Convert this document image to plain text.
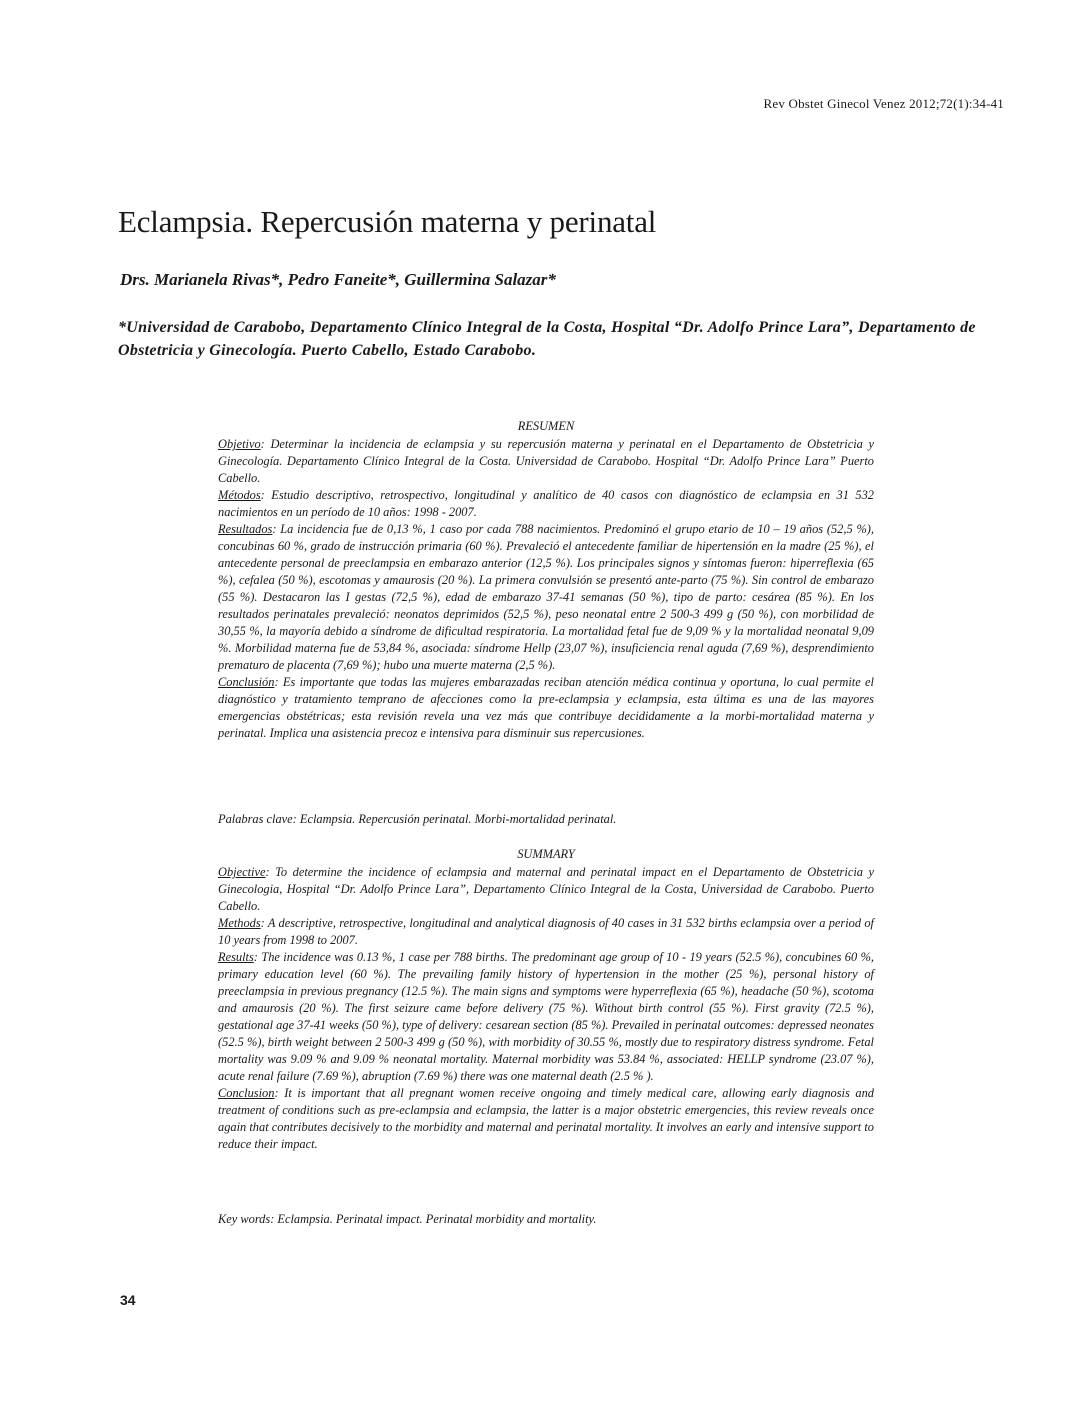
Rev Obstet Ginecol Venez 2012;72(1):34-41
Eclampsia. Repercusión materna y perinatal
Drs. Marianela Rivas*, Pedro Faneite*, Guillermina Salazar*
*Universidad de Carabobo, Departamento Clínico Integral de la Costa, Hospital “Dr. Adolfo Prince Lara”, Departamento de Obstetricia y Ginecología. Puerto Cabello, Estado Carabobo.
RESUMEN

Objetivo: Determinar la incidencia de eclampsia y su repercusión materna y perinatal en el Departamento de Obstetricia y Ginecología. Departamento Clínico Integral de la Costa. Universidad de Carabobo. Hospital “Dr. Adolfo Prince Lara” Puerto Cabello.

Métodos: Estudio descriptivo, retrospectivo, longitudinal y analítico de 40 casos con diagnóstico de eclampsia en 31 532 nacimientos en un período de 10 años: 1998 - 2007.

Resultados: La incidencia fue de 0,13 %, 1 caso por cada 788 nacimientos. Predominó el grupo etario de 10 – 19 años (52,5 %), concubinas 60 %, grado de instrucción primaria (60 %). Prevaleció el antecedente familiar de hipertensión en la madre (25 %), el antecedente personal de preeclampsia en embarazo anterior (12,5 %). Los principales signos y síntomas fueron: hiperreflexia (65 %), cefalea (50 %), escotomas y amaurosis (20 %). La primera convulsión se presentó ante-parto (75 %). Sin control de embarazo (55 %). Destacaron las I gestas (72,5 %), edad de embarazo 37-41 semanas (50 %), tipo de parto: cesárea (85 %). En los resultados perinatales prevaleció: neonatos deprimidos (52,5 %), peso neonatal entre 2 500-3 499 g (50 %), con morbilidad de 30,55 %, la mayoría debido a síndrome de dificultad respiratoria. La mortalidad fetal fue de 9,09 % y la mortalidad neonatal 9,09 %. Morbilidad materna fue de 53,84 %, asociada: síndrome Hellp (23,07 %), insuficiencia renal aguda (7,69 %), desprendimiento prematuro de placenta (7,69 %); hubo una muerte materna (2,5 %).

Conclusión: Es importante que todas las mujeres embarazadas reciban atención médica continua y oportuna, lo cual permite el diagnóstico y tratamiento temprano de afecciones como la pre-eclampsia y eclampsia, esta última es una de las mayores emergencias obstétricas; esta revisión revela una vez más que contribuye decididamente a la morbi-mortalidad materna y perinatal. Implica una asistencia precoz e intensiva para disminuir sus repercusiones.

Palabras clave: Eclampsia. Repercusión perinatal. Morbi-mortalidad perinatal.
SUMMARY

Objective: To determine the incidence of eclampsia and maternal and perinatal impact en el Departamento de Obstetricia y Ginecologia, Hospital “Dr. Adolfo Prince Lara”, Departamento Clínico Integral de la Costa, Universidad de Carabobo. Puerto Cabello.

Methods: A descriptive, retrospective, longitudinal and analytical diagnosis of 40 cases in 31 532 births eclampsia over a period of 10 years from 1998 to 2007.

Results: The incidence was 0.13 %, 1 case per 788 births. The predominant age group of 10 - 19 years (52.5 %), concubines 60 %, primary education level (60 %). The prevailing family history of hypertension in the mother (25 %), personal history of preeclampsia in previous pregnancy (12.5 %). The main signs and symptoms were hyperreflexia (65 %), headache (50 %), scotoma and amaurosis (20 %). The first seizure came before delivery (75 %). Without birth control (55 %). First gravity (72.5 %), gestational age 37-41 weeks (50 %), type of delivery: cesarean section (85 %). Prevailed in perinatal outcomes: depressed neonates (52.5 %), birth weight between 2 500-3 499 g (50 %), with morbidity of 30.55 %, mostly due to respiratory distress syndrome. Fetal mortality was 9.09 % and 9.09 % neonatal mortality. Maternal morbidity was 53.84 %, associated: HELLP syndrome (23.07 %), acute renal failure (7.69 %), abruption (7.69 %) there was one maternal death (2.5 % ).

Conclusion: It is important that all pregnant women receive ongoing and timely medical care, allowing early diagnosis and treatment of conditions such as pre-eclampsia and eclampsia, the latter is a major obstetric emergencies, this review reveals once again that contributes decisively to the morbidity and maternal and perinatal mortality. It involves an early and intensive support to reduce their impact.

Key words: Eclampsia. Perinatal impact. Perinatal morbidity and mortality.
34
